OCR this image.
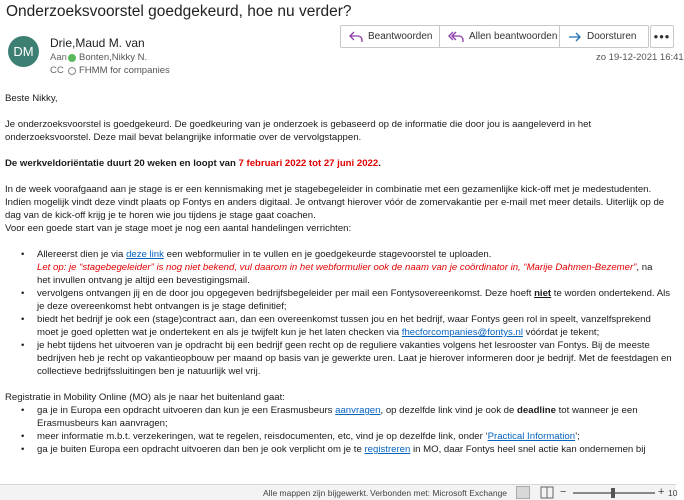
Onderzoeksvoorstel goedgekeurd, hoe nu verder?
DM
Drie,Maud M. van
Aan Bonten,Nikky N.
CC	FHMM for companies
Beantwoorden	Allen beantwoorden	Doorsturen •••
zo 19-12-2021 16:41

Beste Nikky,

Je onderzoeksvoorstel is goedgekeurd. De goedkeuring van je onderzoek is gebaseerd op de informatie die door jou is aangeleverd in het onderzoeksvoorstel. Deze mail bevat belangrijke informatie over de vervolgstappen.

De werkveldoriëntatie duurt 20 weken en loopt van 7 februari 2022 tot 27 juni 2022.

In de week voorafgaand aan je stage is er een kennismaking met je stagebegeleider in combinatie met een gezamenlijke kick-off met je medestudenten. Indien mogelijk vindt deze vindt plaats op Fontys en anders digitaal. Je ontvangt hierover vóór de zomervakantie per e-mail met meer details. Uiterlijk op de dag van de kick-off krijg je te horen wie jou tijdens je stage gaat coachen.

Voor een goede start van je stage moet je nog een aantal handelingen verrichten:

• Allereerst dien je via deze link een webformulier in te vullen en je goedgekeurde stagevoorstel te uploaden.
Let op: je “stagebegeleider” is nog niet bekend, vul daarom in het webformulier ook de naam van je coördinator in, “Marije Dahmen-Bezemer”, na
het invullen ontvang je altijd een bevestigingsmail.
• vervolgens ontvangen jij en de door jou opgegeven bedrijfsbegeleider per mail een Fontysovereenkomst. Deze hoeft niet te worden ondertekend. Als je deze overeenkomst hebt ontvangen is je stage definitief;
• biedt het bedrijf je ook een (stage)contract aan, dan een overeenkomst tussen jou en het bedrijf, waar Fontys geen rol in speelt, vanzelfsprekend moet je goed opletten wat je ondertekent en als je twijfelt kun je het laten checken via fhecforcompanies@fontys.nl vóórdat je tekent;
• je hebt tijdens het uitvoeren van je opdracht bij een bedrijf geen recht op de reguliere vakanties volgens het lesrooster van Fontys. Bij de meeste bedrijven heb je recht op vakantieopbouw per maand op basis van je gewerkte uren. Laat je hierover informeren door je bedrijf. Met de feestdagen en collectieve bedrijfssluitingen ben je natuurlijk wel vrij.

Registratie in Mobility Online (MO) als je naar het buitenland gaat:

• ga je in Europa een opdracht uitvoeren dan kun je een Erasmusbeurs aanvragen, op dezelfde link vind je ook de deadline tot wanneer je een Erasmusbeurs kan aanvragen;
• meer informatie m.b.t. verzekeringen, wat te regelen, reisdocumenten, etc, vind je op dezelfde link, onder ‘Practical Information’;
• ga je buiten Europa een opdracht uitvoeren dan ben je ook verplicht om je te registreren in MO, daar Fontys heel snel actie kan ondernemen bij
Alle mappen zijn bijgewerkt. Verbonden met: Microsoft Exchange	−	+ 10
